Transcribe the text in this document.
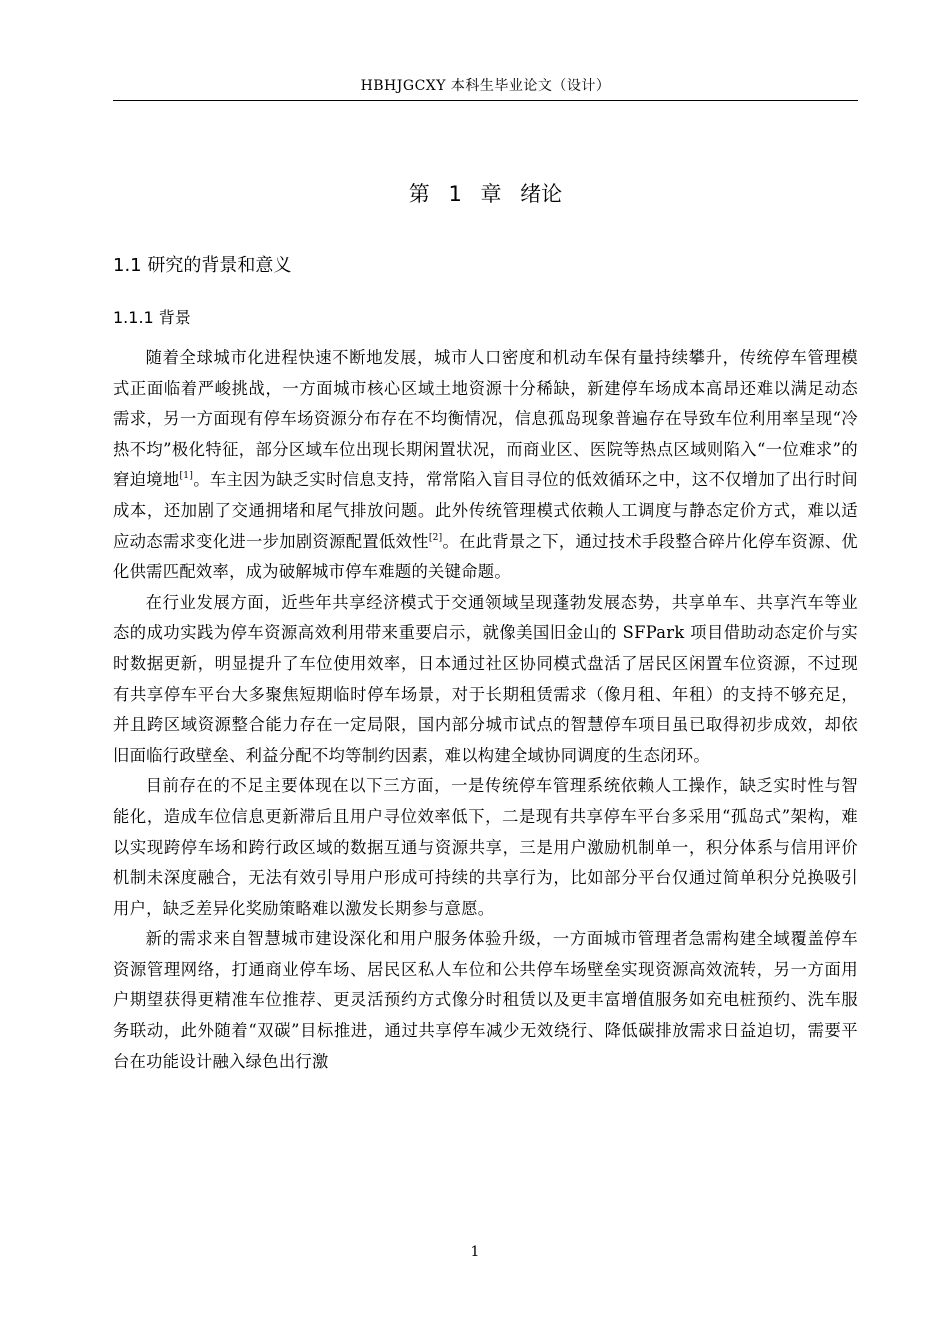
HBHJGCXY 本科生毕业论文（设计）
第 1 章 绪论
1.1 研究的背景和意义
1.1.1 背景

随着全球城市化进程快速不断地发展，城市人口密度和机动车保有量持续攀升，传统停车管理模式正面临着严峻挑战，一方面城市核心区域土地资源十分稀缺，新建停车场成本高昂还难以满足动态需求，另一方面现有停车场资源分布存在不均衡情况，信息孤岛现象普遍存在导致车位利用率呈现“冷热不均”极化特征，部分区域车位出现长期闲置状况，而商业区、医院等热点区域则陷入“一位难求”的窘迫境地[1]。车主因为缺乏实时信息支持，常常陷入盲目寻位的低效循环之中，这不仅增加了出行时间成本，还加剧了交通拥堵和尾气排放问题。此外传统管理模式依赖人工调度与静态定价方式，难以适应动态需求变化进一步加剧资源配置低效性[2]。在此背景之下，通过技术手段整合碎片化停车资源、优化供需匹配效率，成为破解城市停车难题的关键命题。

在行业发展方面，近些年共享经济模式于交通领域呈现蓬勃发展态势，共享单车、共享汽车等业态的成功实践为停车资源高效利用带来重要启示，就像美国旧金山的 SFPark 项目借助动态定价与实时数据更新，明显提升了车位使用效率，日本通过社区协同模式盘活了居民区闲置车位资源，不过现有共享停车平台大多聚焦短期临时停车场景，对于长期租赁需求（像月租、年租）的支持不够充足，并且跨区域资源整合能力存在一定局限，国内部分城市试点的智慧停车项目虽已取得初步成效，却依旧面临行政壁垒、利益分配不均等制约因素，难以构建全域协同调度的生态闭环。

目前存在的不足主要体现在以下三方面，一是传统停车管理系统依赖人工操作，缺乏实时性与智能化，造成车位信息更新滞后且用户寻位效率低下，二是现有共享停车平台多采用“孤岛式”架构，难以实现跨停车场和跨行政区域的数据互通与资源共享，三是用户激励机制单一，积分体系与信用评价机制未深度融合，无法有效引导用户形成可持续的共享行为，比如部分平台仅通过简单积分兑换吸引用户，缺乏差异化奖励策略难以激发长期参与意愿。

新的需求来自智慧城市建设深化和用户服务体验升级，一方面城市管理者急需构建全域覆盖停车资源管理网络，打通商业停车场、居民区私人车位和公共停车场壁垒实现资源高效流转，另一方面用户期望获得更精准车位推荐、更灵活预约方式像分时租赁以及更丰富增值服务如充电桩预约、洗车服务联动，此外随着“双碳”目标推进，通过共享停车减少无效绕行、降低碳排放需求日益迫切，需要平台在功能设计融入绿色出行激

1
